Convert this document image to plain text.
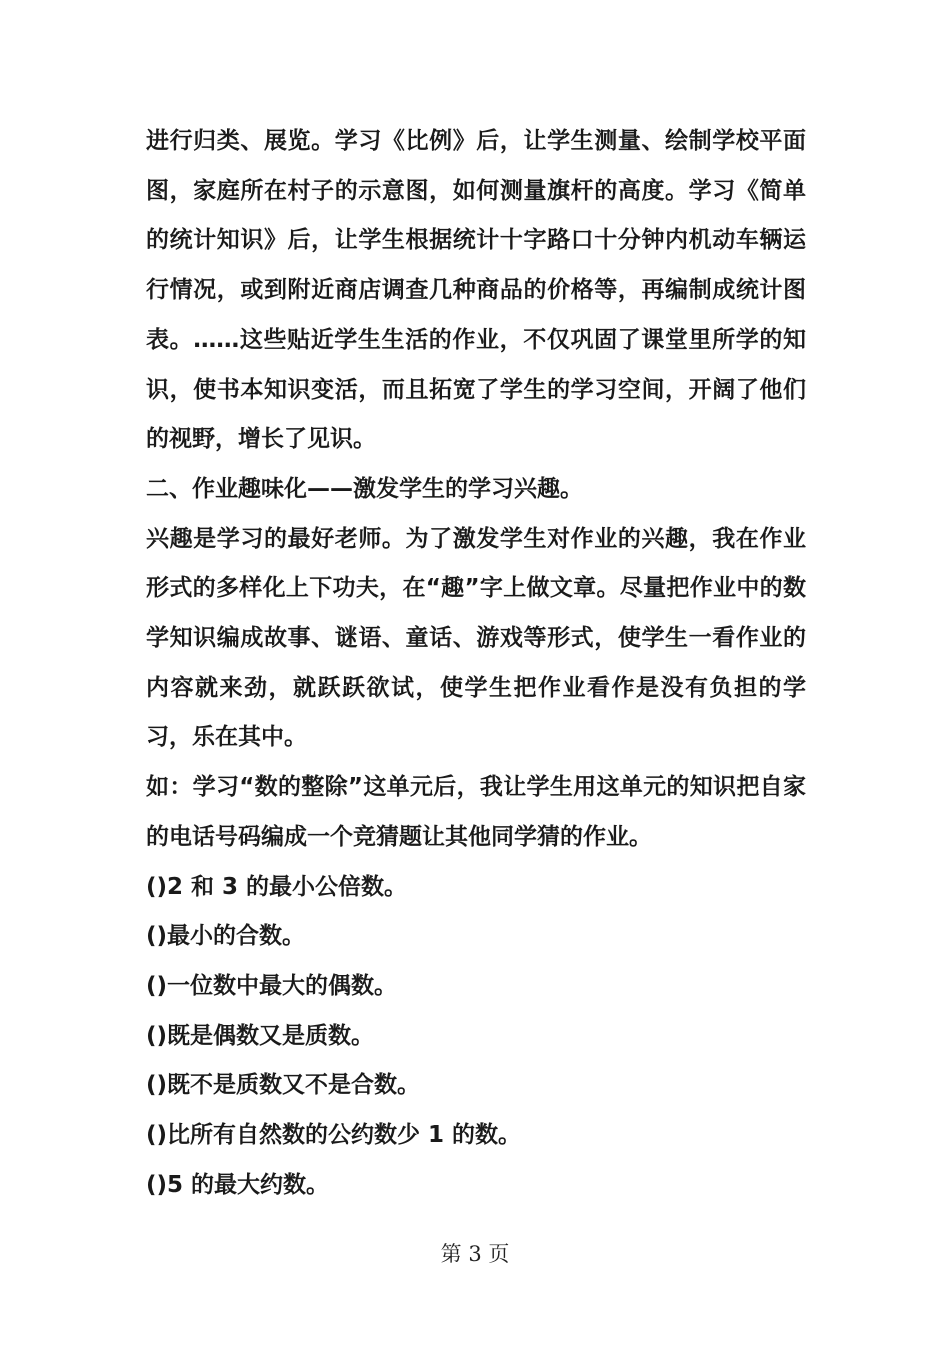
进行归类、展览。学习《比例》后，让学生测量、绘制学校平面图，家庭所在村子的示意图，如何测量旗杆的高度。学习《简单的统计知识》后，让学生根据统计十字路口十分钟内机动车辆运行情况，或到附近商店调查几种商品的价格等，再编制成统计图表。……这些贴近学生生活的作业，不仅巩固了课堂里所学的知识，使书本知识变活，而且拓宽了学生的学习空间，开阔了他们的视野，增长了见识。

二、作业趣味化——激发学生的学习兴趣。

兴趣是学习的最好老师。为了激发学生对作业的兴趣，我在作业形式的多样化上下功夫，在“趣”字上做文章。尽量把作业中的数学知识编成故事、谜语、童话、游戏等形式，使学生一看作业的内容就来劲，就跃跃欲试，使学生把作业看作是没有负担的学习，乐在其中。

如：学习“数的整除”这单元后，我让学生用这单元的知识把自家的电话号码编成一个竞猜题让其他同学猜的作业。

()2 和 3 的最小公倍数。

()最小的合数。

()一位数中最大的偶数。

()既是偶数又是质数。

()既不是质数又不是合数。

()比所有自然数的公约数少 1 的数。

()5 的最大约数。

第 3 页
